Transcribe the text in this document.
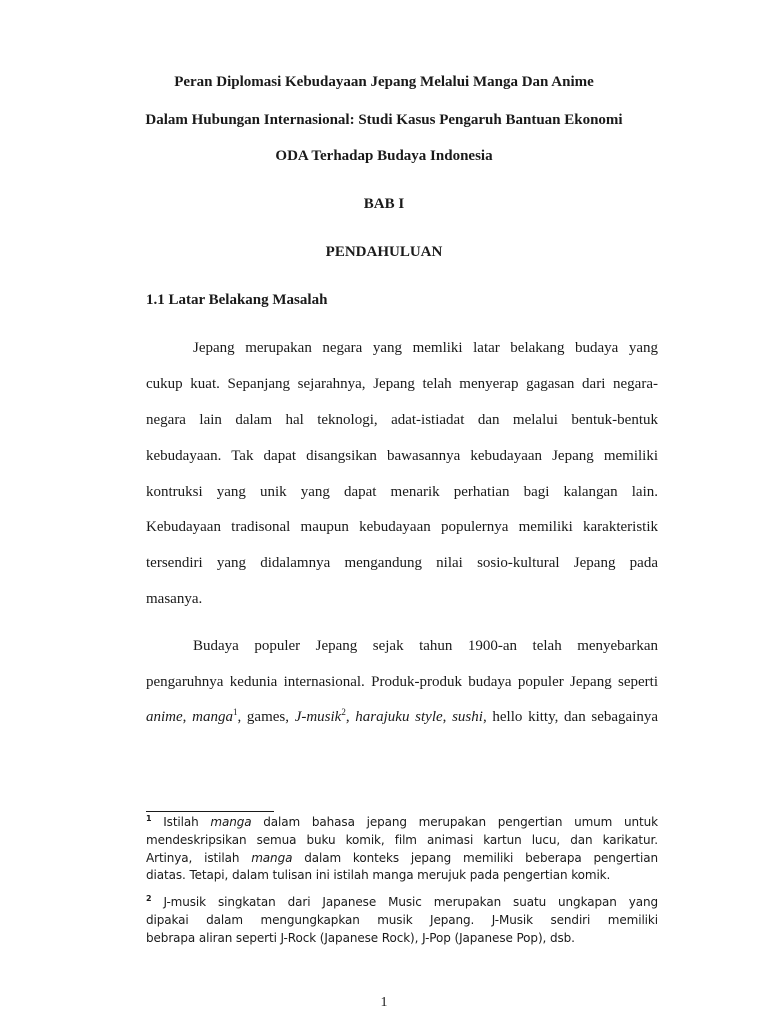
Peran Diplomasi Kebudayaan Jepang Melalui Manga Dan Anime
Dalam Hubungan Internasional: Studi Kasus Pengaruh Bantuan Ekonomi
ODA Terhadap Budaya Indonesia
BAB I
PENDAHULUAN
1.1 Latar Belakang Masalah
Jepang merupakan negara yang memliki latar belakang budaya yang
cukup kuat. Sepanjang sejarahnya, Jepang telah menyerap gagasan dari negara-
negara lain dalam hal teknologi, adat-istiadat dan melalui bentuk-bentuk
kebudayaan. Tak dapat disangsikan bawasannya kebudayaan Jepang memiliki
kontruksi yang unik yang dapat menarik perhatian bagi kalangan lain.
Kebudayaan tradisonal maupun kebudayaan populernya memiliki karakteristik
tersendiri yang didalamnya mengandung nilai sosio-kultural Jepang pada
masanya.
Budaya populer Jepang sejak tahun 1900-an telah menyebarkan
pengaruhnya kedunia internasional. Produk-produk budaya populer Jepang seperti
anime, manga$^1$, games, J-musik$^2$, harajuku style, sushi, hello kitty, dan sebagainya
$^1$ Istilah manga dalam bahasa jepang merupakan pengertian umum untuk
mendeskripsikan semua buku komik, film animasi kartun lucu, dan karikatur.
Artinya, istilah manga dalam konteks jepang memiliki beberapa pengertian
diatas. Tetapi, dalam tulisan ini istilah manga merujuk pada pengertian komik.
$^2$ J-musik singkatan dari Japanese Music merupakan suatu ungkapan yang
dipakai dalam mengungkapkan musik Jepang. J-Musik sendiri memiliki
bebrapa aliran seperti J-Rock (Japanese Rock), J-Pop (Japanese Pop), dsb.
1
